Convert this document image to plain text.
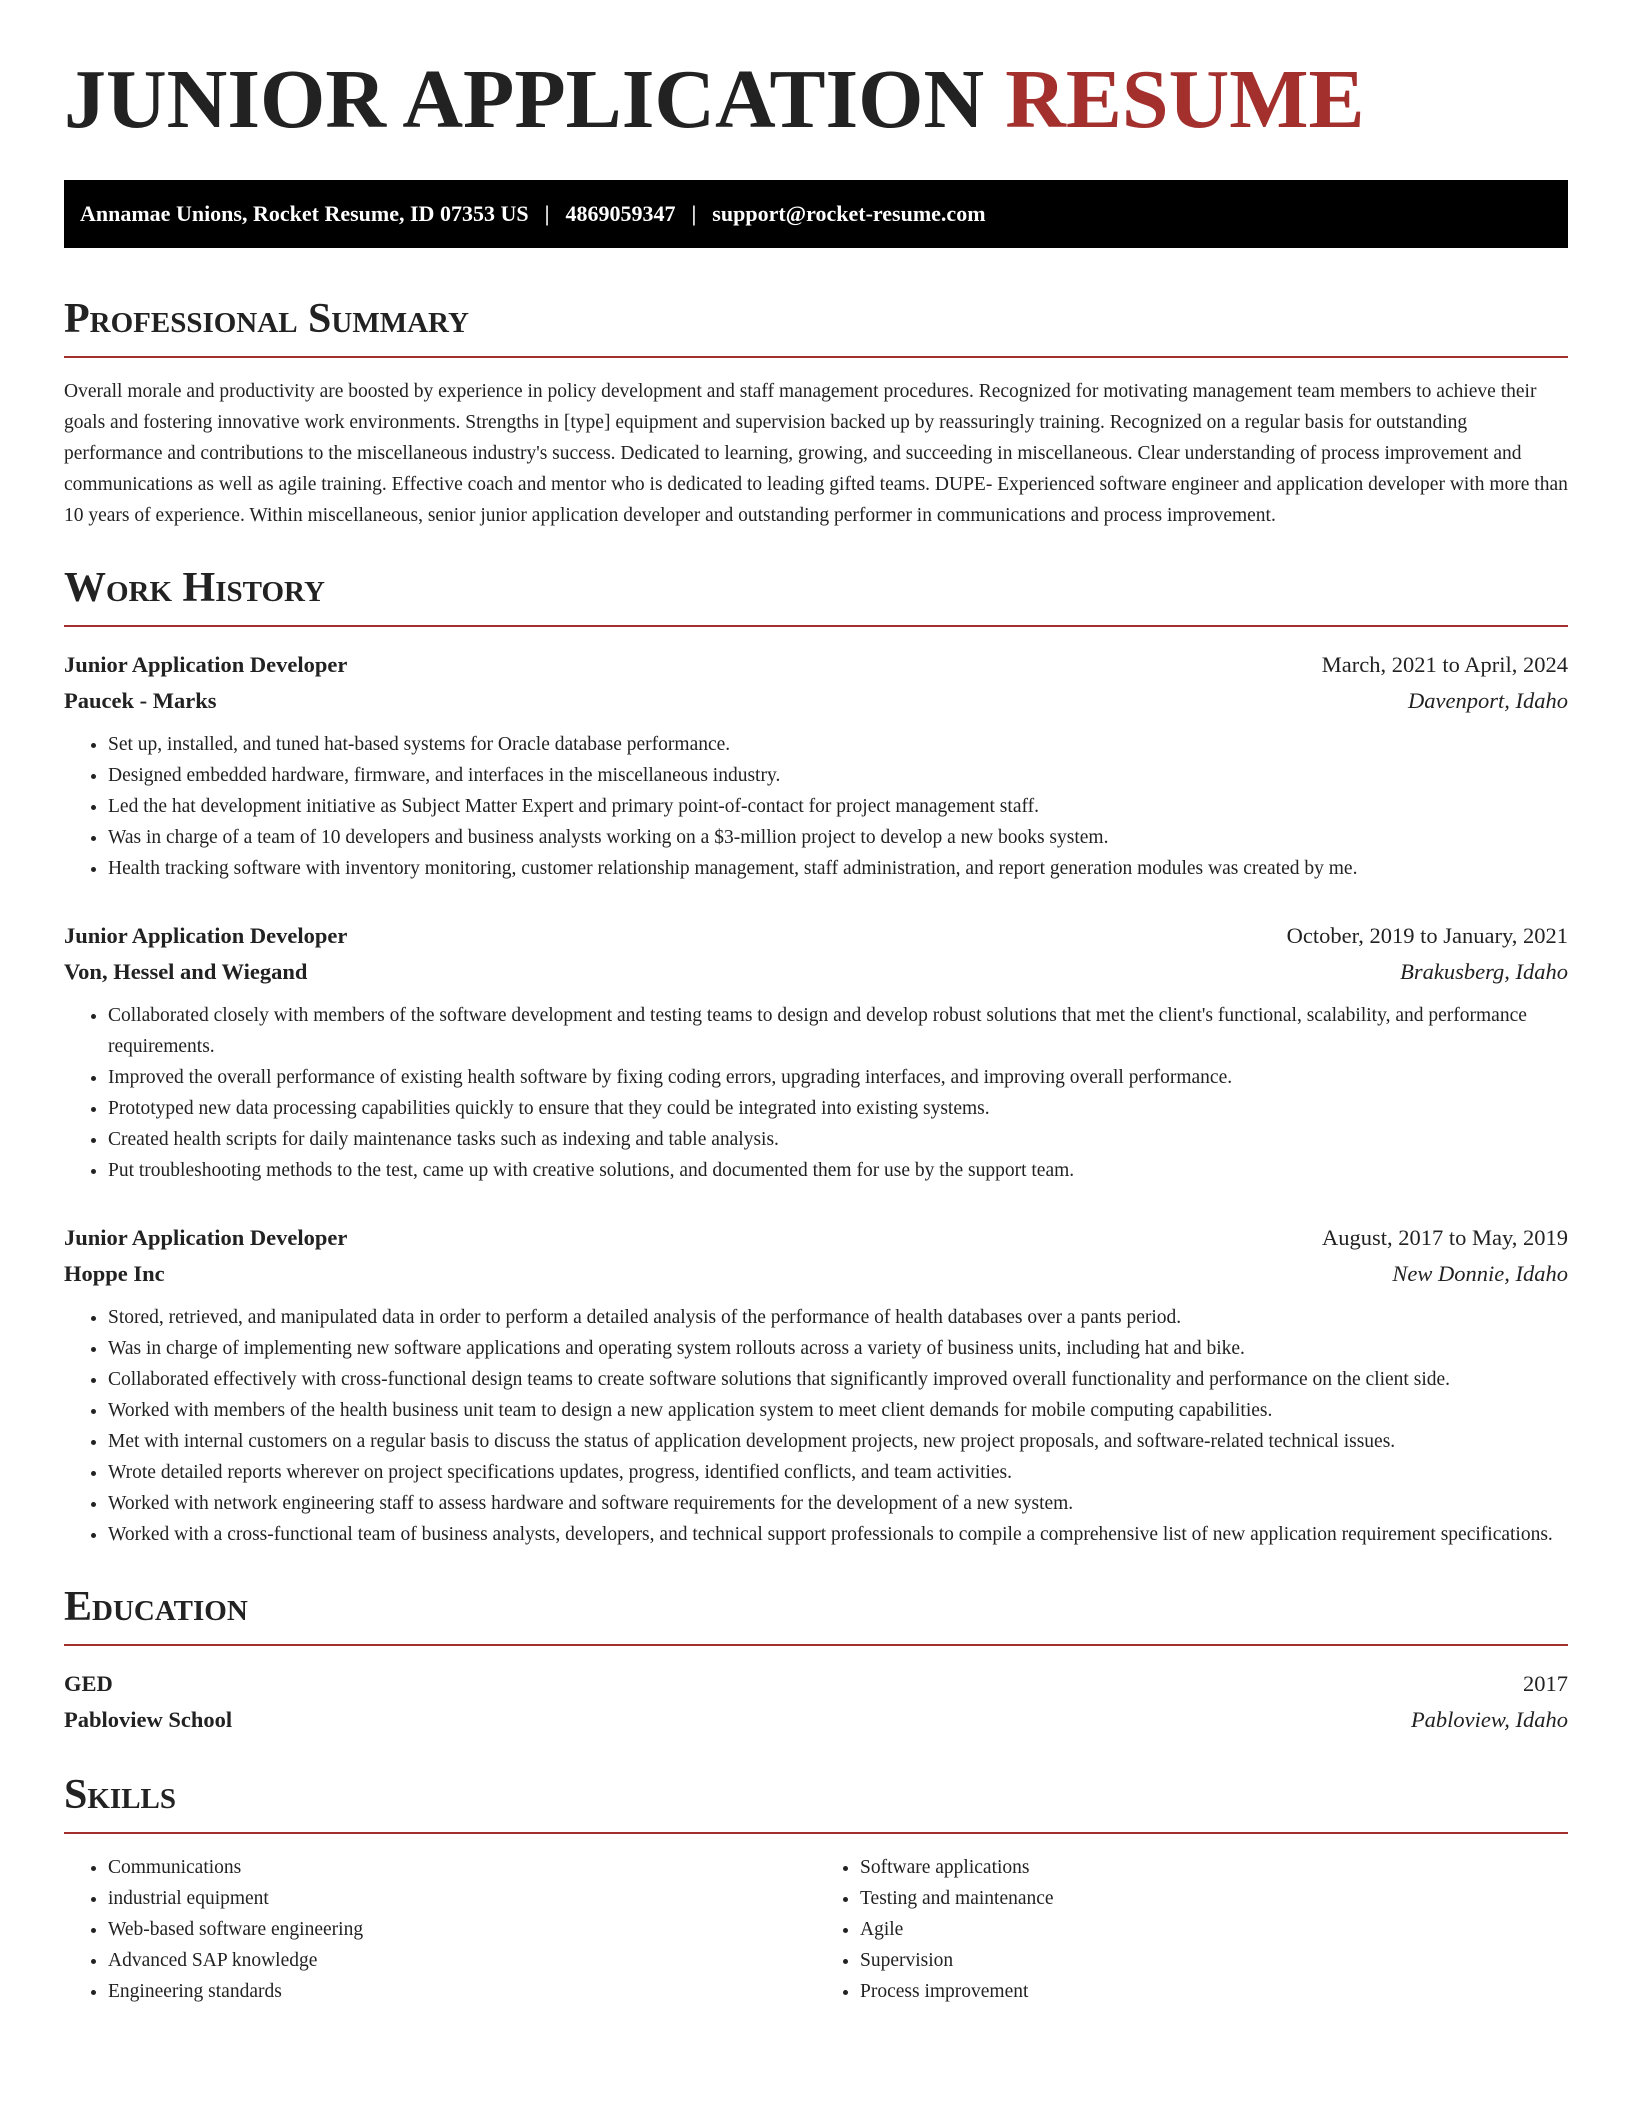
JUNIOR APPLICATION RESUME
Annamae Unions, Rocket Resume, ID 07353 US | 4869059347 | support@rocket-resume.com
Professional Summary

Overall morale and productivity are boosted by experience in policy development and staff management procedures. Recognized for motivating management team members to achieve their goals and fostering innovative work environments. Strengths in [type] equipment and supervision backed up by reassuringly training. Recognized on a regular basis for outstanding performance and contributions to the miscellaneous industry's success. Dedicated to learning, growing, and succeeding in miscellaneous. Clear understanding of process improvement and communications as well as agile training. Effective coach and mentor who is dedicated to leading gifted teams. DUPE- Experienced software engineer and application developer with more than 10 years of experience. Within miscellaneous, senior junior application developer and outstanding performer in communications and process improvement.

Work History
Junior Application Developer	March, 2021 to April, 2024
Paucek - Marks	Davenport, Idaho
• Set up, installed, and tuned hat-based systems for Oracle database performance.
• Designed embedded hardware, firmware, and interfaces in the miscellaneous industry.
• Led the hat development initiative as Subject Matter Expert and primary point-of-contact for project management staff.
• Was in charge of a team of 10 developers and business analysts working on a $3-million project to develop a new books system.
• Health tracking software with inventory monitoring, customer relationship management, staff administration, and report generation modules was created by me.
Junior Application Developer	October, 2019 to January, 2021
Von, Hessel and Wiegand	Brakusberg, Idaho
• Collaborated closely with members of the software development and testing teams to design and develop robust solutions that met the client's functional, scalability, and performance requirements.
• Improved the overall performance of existing health software by fixing coding errors, upgrading interfaces, and improving overall performance.
• Prototyped new data processing capabilities quickly to ensure that they could be integrated into existing systems.
• Created health scripts for daily maintenance tasks such as indexing and table analysis.
• Put troubleshooting methods to the test, came up with creative solutions, and documented them for use by the support team.
Junior Application Developer	August, 2017 to May, 2019
Hoppe Inc	New Donnie, Idaho
• Stored, retrieved, and manipulated data in order to perform a detailed analysis of the performance of health databases over a pants period.
• Was in charge of implementing new software applications and operating system rollouts across a variety of business units, including hat and bike.
• Collaborated effectively with cross-functional design teams to create software solutions that significantly improved overall functionality and performance on the client side.
• Worked with members of the health business unit team to design a new application system to meet client demands for mobile computing capabilities.
• Met with internal customers on a regular basis to discuss the status of application development projects, new project proposals, and software-related technical issues.
• Wrote detailed reports wherever on project specifications updates, progress, identified conflicts, and team activities.
• Worked with network engineering staff to assess hardware and software requirements for the development of a new system.
• Worked with a cross-functional team of business analysts, developers, and technical support professionals to compile a comprehensive list of new application requirement specifications.
Education
GED	2017
Pabloview School	Pabloview, Idaho
Skills
• Communications
• industrial equipment
• Web-based software engineering
• Advanced SAP knowledge
• Engineering standards
• Software applications
• Testing and maintenance
• Agile
• Supervision
• Process improvement
